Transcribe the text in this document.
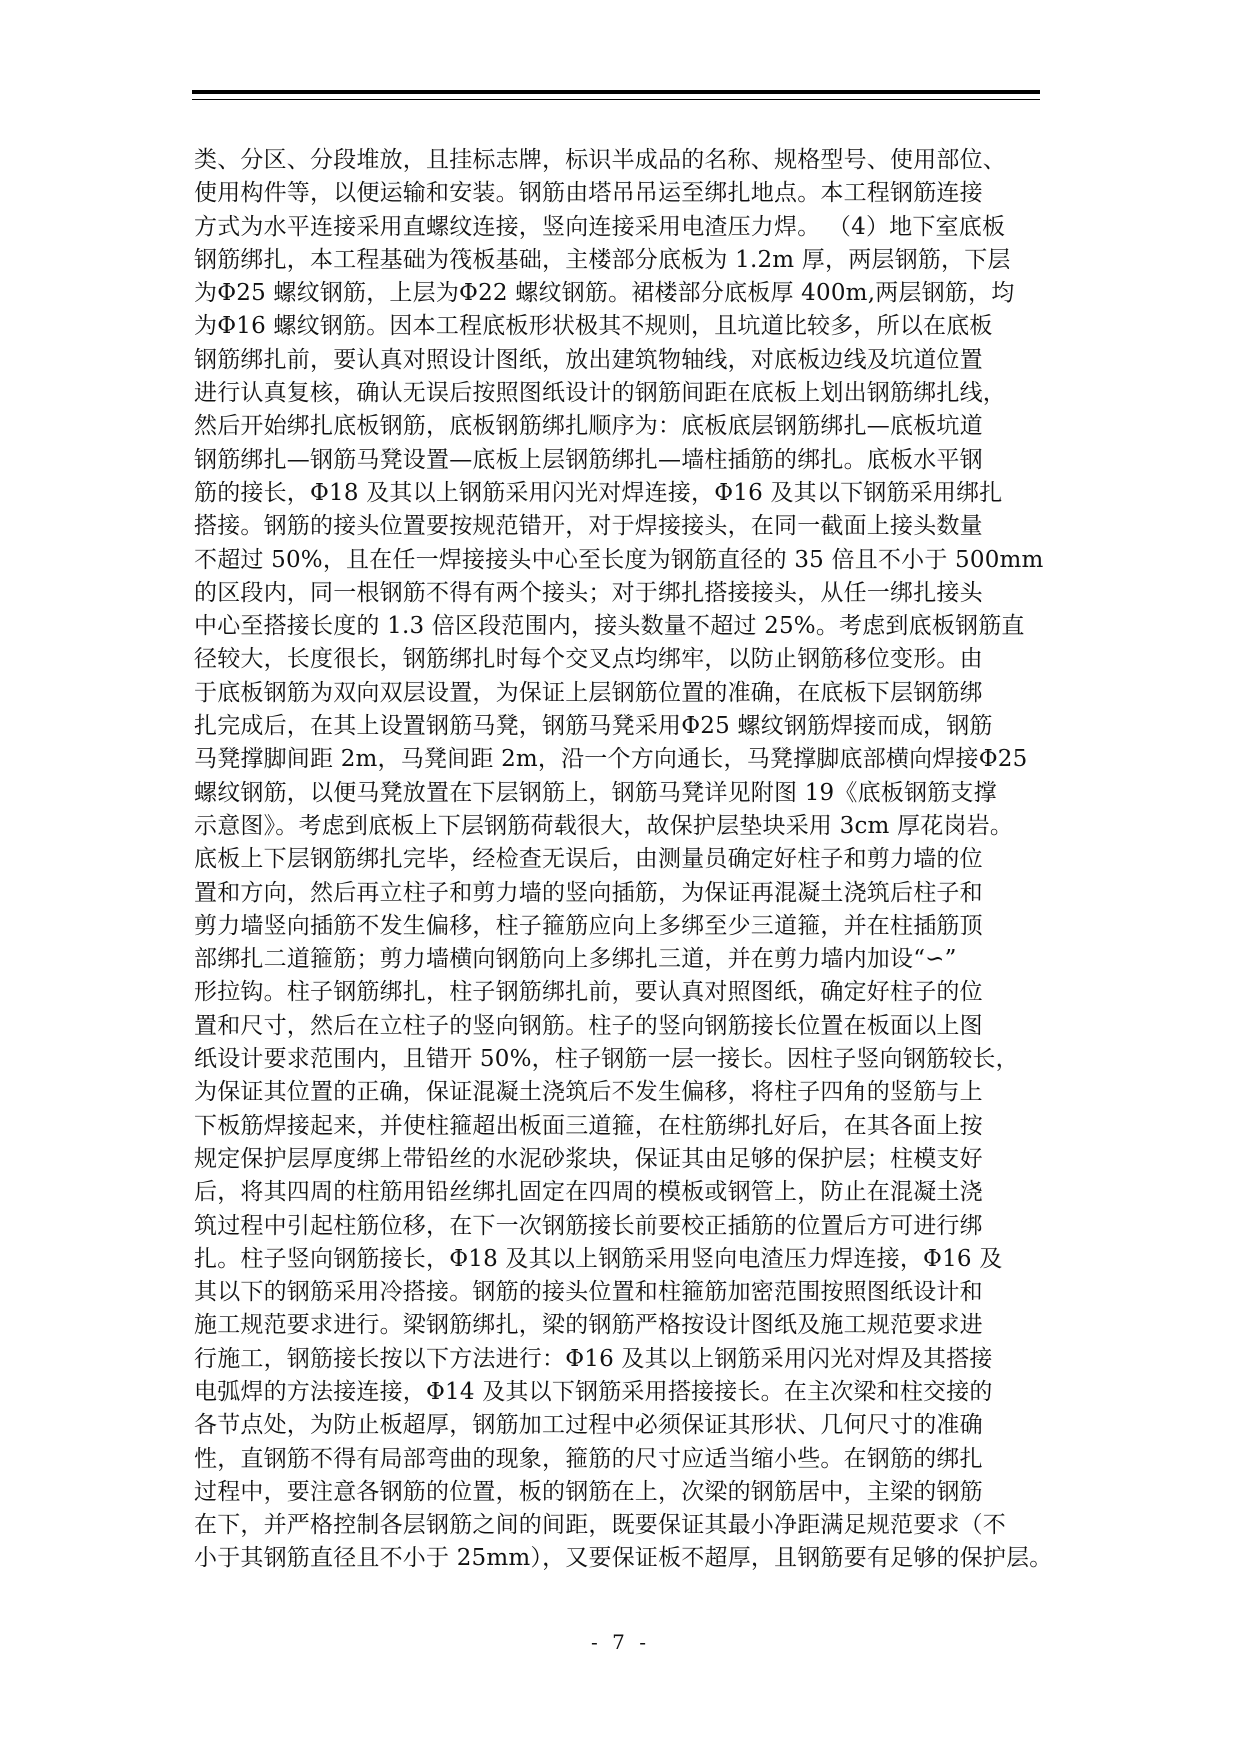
类、分区、分段堆放，且挂标志牌，标识半成品的名称、规格型号、使用部位、
使用构件等，以便运输和安装。钢筋由塔吊吊运至绑扎地点。本工程钢筋连接
方式为水平连接采用直螺纹连接，竖向连接采用电渣压力焊。 （4）地下室底板
钢筋绑扎，本工程基础为筏板基础，主楼部分底板为 1.2m 厚，两层钢筋，下层
为Φ25 螺纹钢筋，上层为Φ22 螺纹钢筋。裙楼部分底板厚 400m,两层钢筋，均
为Φ16 螺纹钢筋。因本工程底板形状极其不规则，且坑道比较多，所以在底板
钢筋绑扎前，要认真对照设计图纸，放出建筑物轴线，对底板边线及坑道位置
进行认真复核，确认无误后按照图纸设计的钢筋间距在底板上划出钢筋绑扎线，
然后开始绑扎底板钢筋，底板钢筋绑扎顺序为：底板底层钢筋绑扎—底板坑道
钢筋绑扎—钢筋马凳设置—底板上层钢筋绑扎—墙柱插筋的绑扎。底板水平钢
筋的接长，Φ18 及其以上钢筋采用闪光对焊连接，Φ16 及其以下钢筋采用绑扎
搭接。钢筋的接头位置要按规范错开，对于焊接接头，在同一截面上接头数量
不超过 50%，且在任一焊接接头中心至长度为钢筋直径的 35 倍且不小于 500mm
的区段内，同一根钢筋不得有两个接头；对于绑扎搭接接头，从任一绑扎接头
中心至搭接长度的 1.3 倍区段范围内，接头数量不超过 25%。考虑到底板钢筋直
径较大，长度很长，钢筋绑扎时每个交叉点均绑牢，以防止钢筋移位变形。由
于底板钢筋为双向双层设置，为保证上层钢筋位置的准确，在底板下层钢筋绑
扎完成后，在其上设置钢筋马凳，钢筋马凳采用Φ25 螺纹钢筋焊接而成，钢筋
马凳撑脚间距 2m，马凳间距 2m，沿一个方向通长，马凳撑脚底部横向焊接Φ25
螺纹钢筋，以便马凳放置在下层钢筋上，钢筋马凳详见附图 19《底板钢筋支撑
示意图》。考虑到底板上下层钢筋荷载很大，故保护层垫块采用 3cm 厚花岗岩。
底板上下层钢筋绑扎完毕，经检查无误后，由测量员确定好柱子和剪力墙的位
置和方向，然后再立柱子和剪力墙的竖向插筋，为保证再混凝土浇筑后柱子和
剪力墙竖向插筋不发生偏移，柱子箍筋应向上多绑至少三道箍，并在柱插筋顶
部绑扎二道箍筋；剪力墙横向钢筋向上多绑扎三道，并在剪力墙内加设“∽”
形拉钩。柱子钢筋绑扎，柱子钢筋绑扎前，要认真对照图纸，确定好柱子的位
置和尺寸，然后在立柱子的竖向钢筋。柱子的竖向钢筋接长位置在板面以上图
纸设计要求范围内，且错开 50%，柱子钢筋一层一接长。因柱子竖向钢筋较长，
为保证其位置的正确，保证混凝土浇筑后不发生偏移，将柱子四角的竖筋与上
下板筋焊接起来，并使柱箍超出板面三道箍，在柱筋绑扎好后，在其各面上按
规定保护层厚度绑上带铅丝的水泥砂浆块，保证其由足够的保护层；柱模支好
后，将其四周的柱筋用铅丝绑扎固定在四周的模板或钢管上，防止在混凝土浇
筑过程中引起柱筋位移，在下一次钢筋接长前要校正插筋的位置后方可进行绑
扎。柱子竖向钢筋接长，Φ18 及其以上钢筋采用竖向电渣压力焊连接，Φ16 及
其以下的钢筋采用冷搭接。钢筋的接头位置和柱箍筋加密范围按照图纸设计和
施工规范要求进行。梁钢筋绑扎，梁的钢筋严格按设计图纸及施工规范要求进
行施工，钢筋接长按以下方法进行：Φ16 及其以上钢筋采用闪光对焊及其搭接
电弧焊的方法接连接，Φ14 及其以下钢筋采用搭接接长。在主次梁和柱交接的
各节点处，为防止板超厚，钢筋加工过程中必须保证其形状、几何尺寸的准确
性，直钢筋不得有局部弯曲的现象，箍筋的尺寸应适当缩小些。在钢筋的绑扎
过程中，要注意各钢筋的位置，板的钢筋在上，次梁的钢筋居中，主梁的钢筋
在下，并严格控制各层钢筋之间的间距，既要保证其最小净距满足规范要求（不
小于其钢筋直径且不小于 25mm），又要保证板不超厚，且钢筋要有足够的保护层。
- 7 -
